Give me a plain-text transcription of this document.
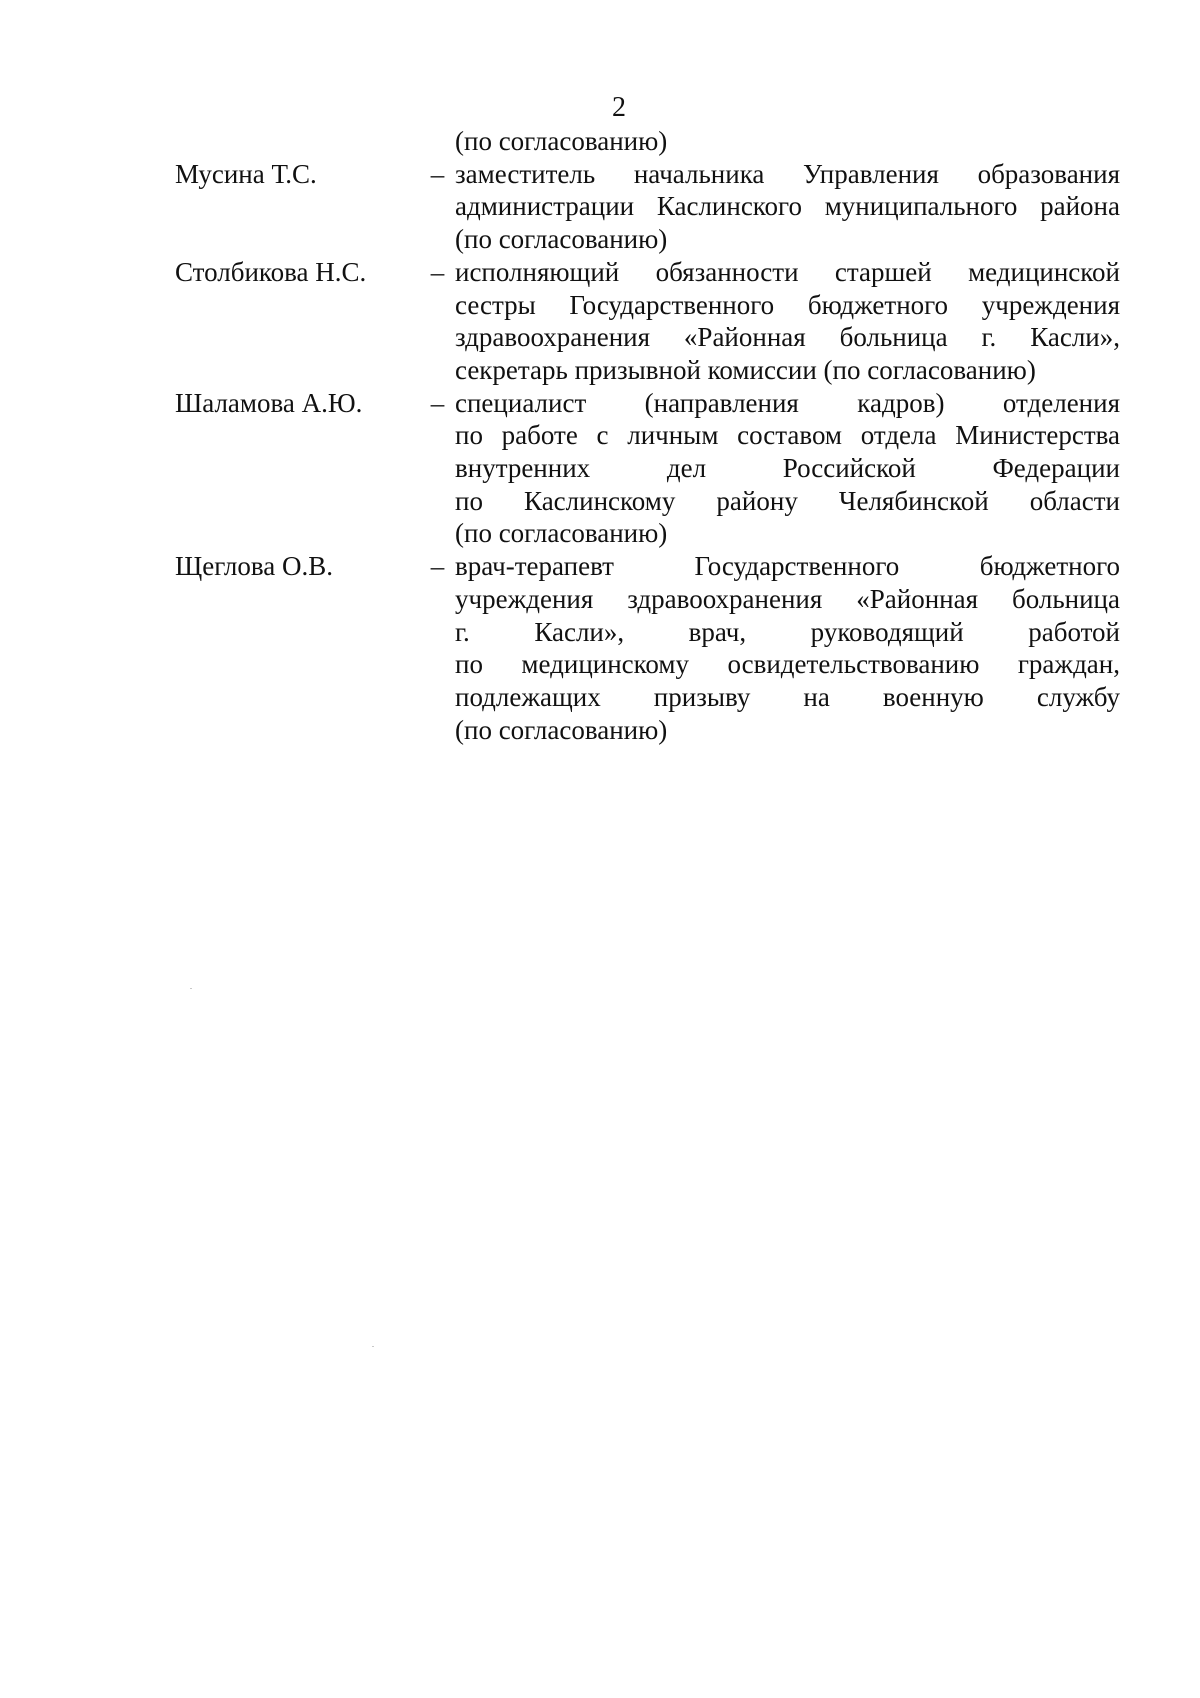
2
(по согласованию)
Мусина Т.С.	– заместитель начальника Управления образования
администрации Каслинского муниципального района
(по согласованию)
Столбикова Н.С.	– исполняющий обязанности старшей медицинской
сестры Государственного бюджетного учреждения
здравоохранения «Районная больница г. Касли»,
секретарь призывной комиссии (по согласованию)
Шаламова А.Ю.	– специалист (направления кадров) отделения
по работе с личным составом отдела Министерства
внутренних дел Российской Федерации
по Каслинскому району Челябинской области
(по согласованию)
Щеглова О.В.	– врач-терапевт Государственного бюджетного
учреждения здравоохранения «Районная больница
г. Касли», врач, руководящий работой
по медицинскому освидетельствованию граждан,
подлежащих призыву на военную службу
(по согласованию)
